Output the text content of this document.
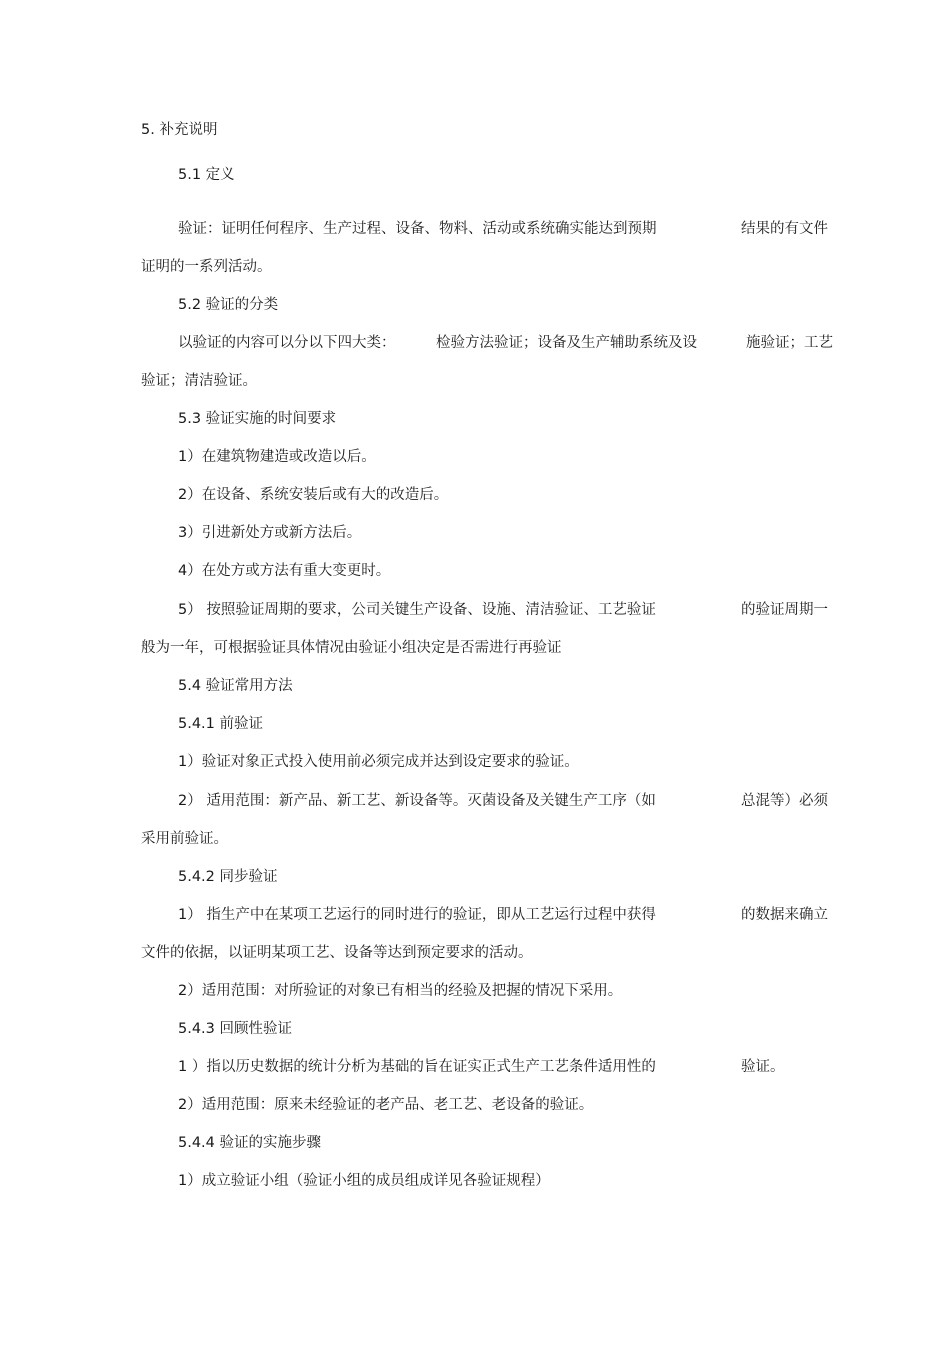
5. 补充说明
5.1 定义
验证：证明任何程序、生产过程、设备、物料、活动或系统确实能达到预期	结果的有文件
证明的一系列活动。
5.2 验证的分类
以验证的内容可以分以下四大类：	检验方法验证；设备及生产辅助系统及设	施验证；工艺
验证；清洁验证。
5.3 验证实施的时间要求
1）在建筑物建造或改造以后。
2）在设备、系统安装后或有大的改造后。
3）引进新处方或新方法后。
4）在处方或方法有重大变更时。
5） 按照验证周期的要求，公司关键生产设备、设施、清洁验证、工艺验证	的验证周期一
般为一年，可根据验证具体情况由验证小组决定是否需进行再验证
5.4 验证常用方法
5.4.1 前验证
1）验证对象正式投入使用前必须完成并达到设定要求的验证。
2） 适用范围：新产品、新工艺、新设备等。灭菌设备及关键生产工序（如	总混等）必须
采用前验证。
5.4.2 同步验证
1） 指生产中在某项工艺运行的同时进行的验证，即从工艺运行过程中获得	的数据来确立
文件的依据，以证明某项工艺、设备等达到预定要求的活动。
2）适用范围：对所验证的对象已有相当的经验及把握的情况下采用。
5.4.3 回顾性验证
1 ）指以历史数据的统计分析为基础的旨在证实正式生产工艺条件适用性的	验证。
2）适用范围：原来未经验证的老产品、老工艺、老设备的验证。
5.4.4 验证的实施步骤
1）成立验证小组（验证小组的成员组成详见各验证规程）
